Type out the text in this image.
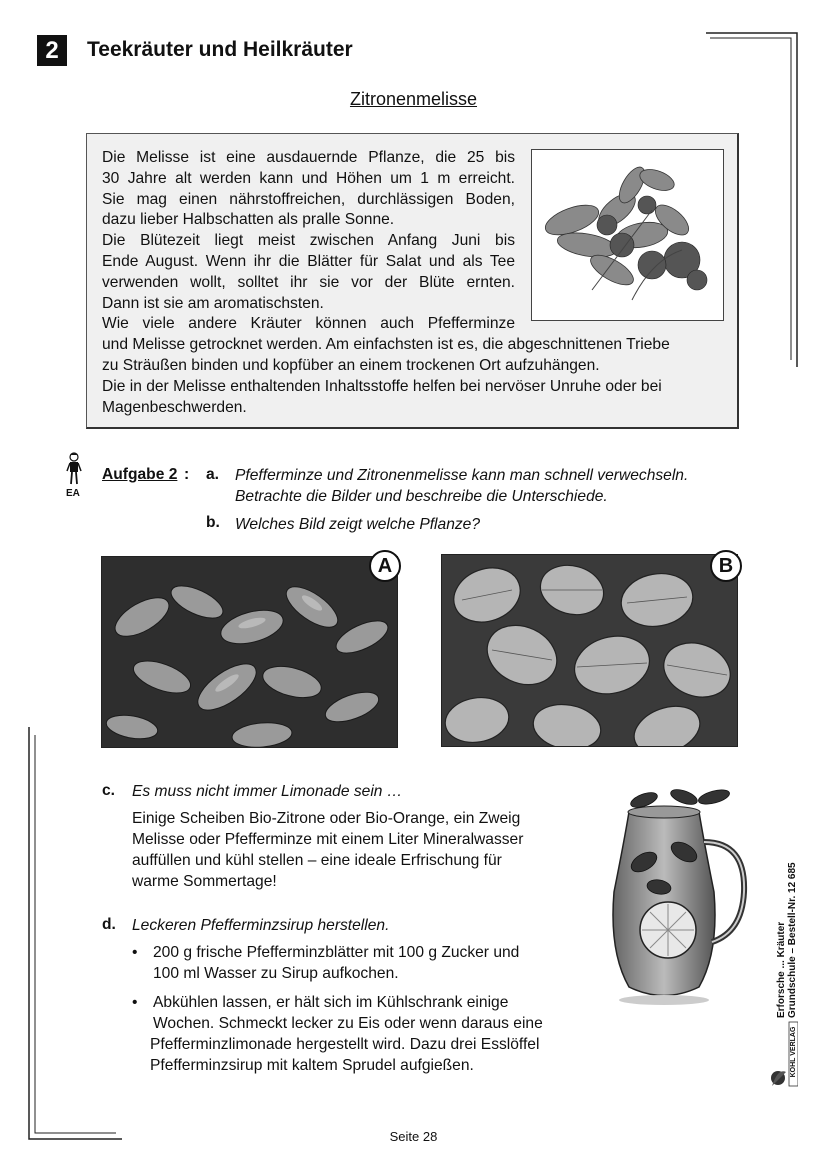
2	Teekräuter und Heilkräuter
Zitronenmelisse
Die Melisse ist eine ausdauernde Pflanze, die 25 bis
30 Jahre alt werden kann und Höhen um 1 m erreicht.
Sie mag einen nährstoffreichen, durchlässigen Boden,
dazu lieber Halbschatten als pralle Sonne.
Die Blütezeit liegt meist zwischen Anfang Juni bis
Ende August. Wenn ihr die Blätter für Salat und als Tee
verwenden wollt, solltet ihr sie vor der Blüte ernten.
Dann ist sie am aromatischsten.
Wie viele andere Kräuter können auch Pfefferminze
und Melisse getrocknet werden. Am einfachsten ist es, die abgeschnittenen Triebe
zu Sträußen binden und kopfüber an einem trockenen Ort aufzuhängen.
Die in der Melisse enthaltenden Inhaltsstoffe helfen bei nervöser Unruhe oder bei
Magenbeschwerden.
EA
Aufgabe 2 : a. Pfefferminze und Zitronenmelisse kann man schnell verwechseln.
Betrachte die Bilder und beschreibe die Unterschiede.
b. Welches Bild zeigt welche Pflanze?
A	B
c. Es muss nicht immer Limonade sein …
Einige Scheiben Bio-Zitrone oder Bio-Orange, ein Zweig
Melisse oder Pfefferminze mit einem Liter Mineralwasser
auffüllen und kühl stellen – eine ideale Erfrischung für
warme Sommertage!
d. Leckeren Pfefferminzsirup herstellen.
• 200 g frische Pfefferminzblätter mit 100 g Zucker und
100 ml Wasser zu Sirup aufkochen.
• Abkühlen lassen, er hält sich im Kühlschrank einige
Wochen. Schmeckt lecker zu Eis oder wenn daraus eine
Pfefferminzlimonade hergestellt wird. Dazu drei Esslöffel
Pfefferminzsirup mit kaltem Sprudel aufgießen.
Erforsche ... Kräuter Grundschule – Bestell-Nr. 12 685
KOHL VERLAG
Seite 28
